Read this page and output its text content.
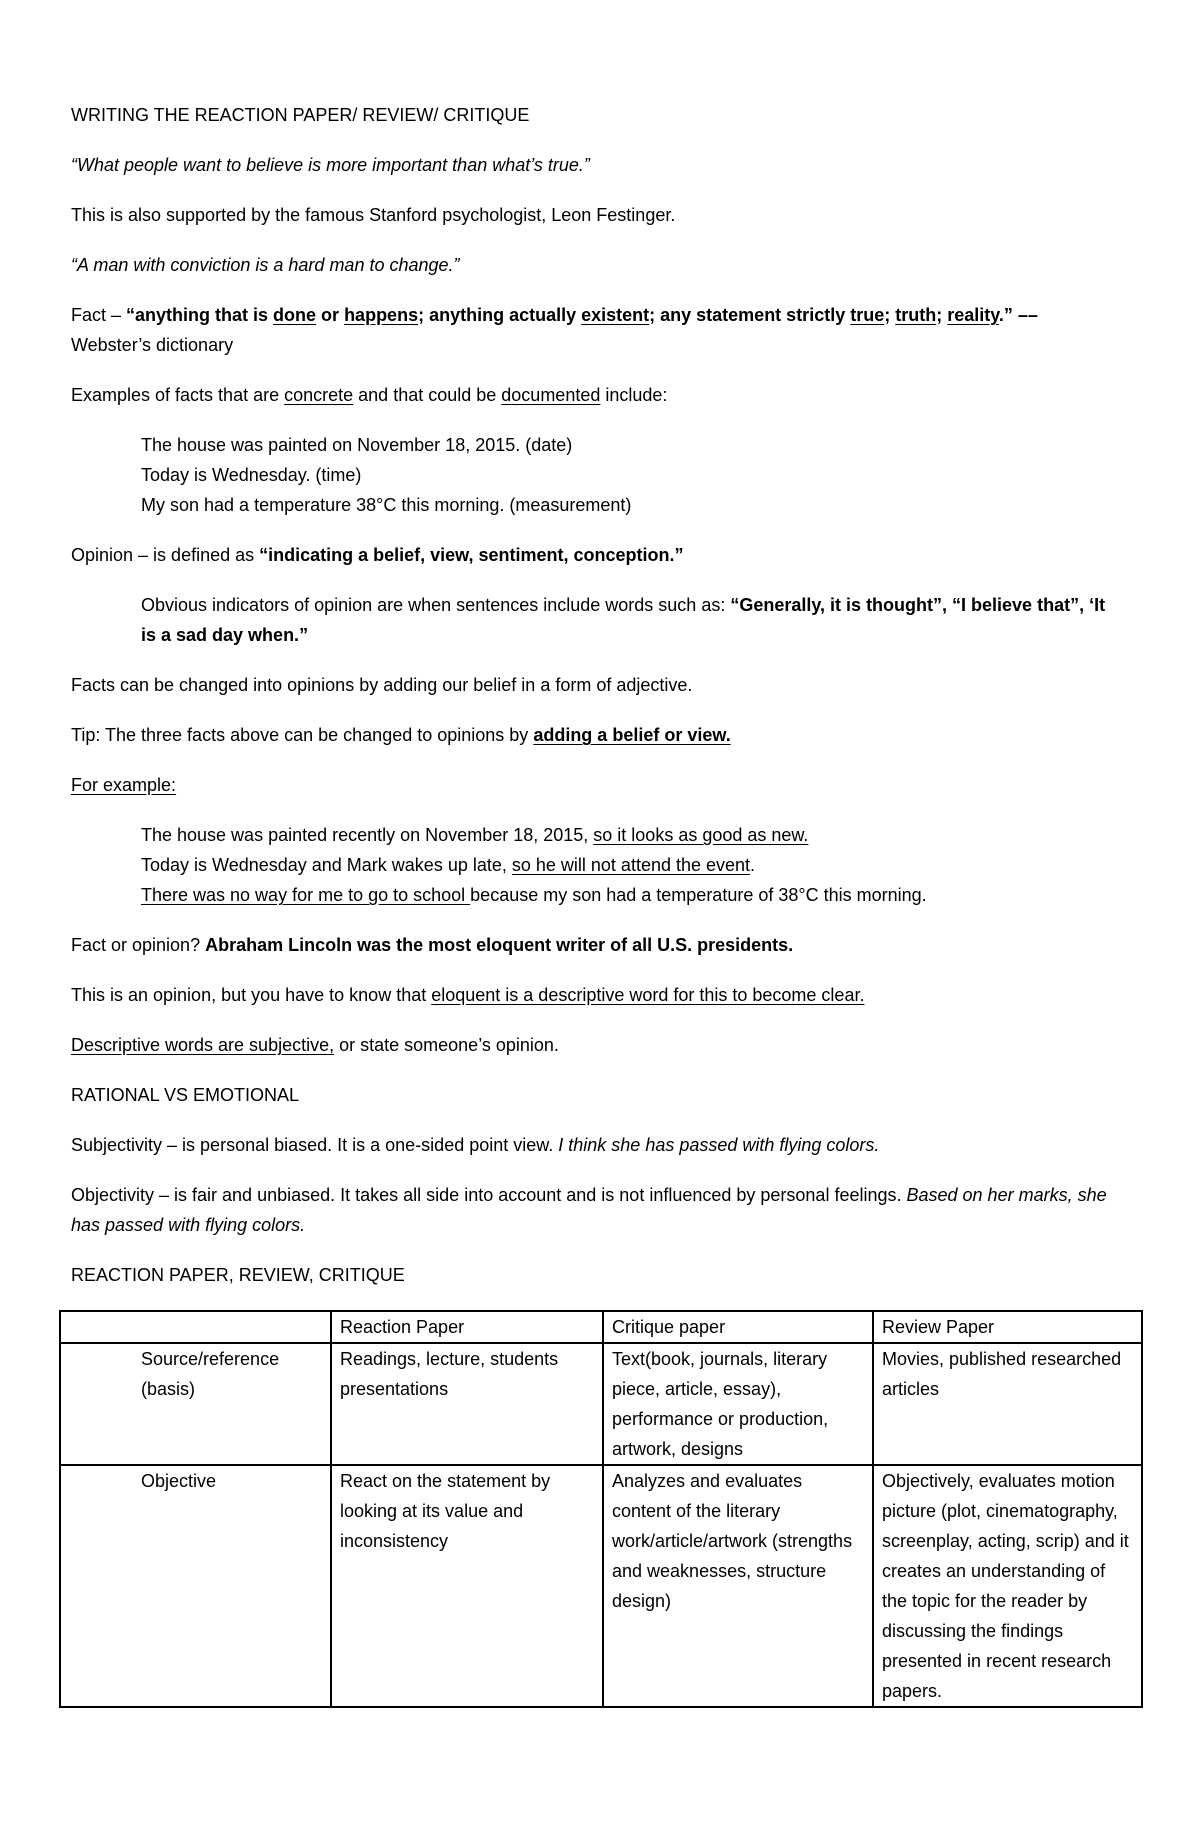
WRITING THE REACTION PAPER/ REVIEW/ CRITIQUE

“What people want to believe is more important than what’s true.”

This is also supported by the famous Stanford psychologist, Leon Festinger.

“A man with conviction is a hard man to change.”

Fact – “anything that is done or happens; anything actually existent; any statement strictly true; truth; reality.” ––
Webster’s dictionary

Examples of facts that are concrete and that could be documented include:

The house was painted on November 18, 2015. (date)

Today is Wednesday. (time)

My son had a temperature 38°C this morning. (measurement)

Opinion – is defined as “indicating a belief, view, sentiment, conception.”

Obvious indicators of opinion are when sentences include words such as: “Generally, it is thought”, “I believe that”, ‘It is a sad day when.”

Facts can be changed into opinions by adding our belief in a form of adjective.

Tip: The three facts above can be changed to opinions by adding a belief or view.

For example:

The house was painted recently on November 18, 2015, so it looks as good as new.

Today is Wednesday and Mark wakes up late, so he will not attend the event.

There was no way for me to go to school because my son had a temperature of 38°C this morning.

Fact or opinion? Abraham Lincoln was the most eloquent writer of all U.S. presidents.

This is an opinion, but you have to know that eloquent is a descriptive word for this to become clear.

Descriptive words are subjective, or state someone’s opinion.

RATIONAL VS EMOTIONAL

Subjectivity – is personal biased. It is a one-sided point view. I think she has passed with flying colors.

Objectivity – is fair and unbiased. It takes all side into account and is not influenced by personal feelings. Based on her marks, she has passed with flying colors.

REACTION PAPER, REVIEW, CRITIQUE

	Reaction Paper	Critique paper	Review Paper
Source/reference (basis)	Readings, lecture, students presentations	Text(book, journals, literary piece, article, essay), performance or production, artwork, designs	Movies, published researched articles
Objective	React on the statement by looking at its value and inconsistency	Analyzes and evaluates content of the literary work/article/artwork (strengths and weaknesses, structure design)	Objectively, evaluates motion picture (plot, cinematography, screenplay, acting, scrip) and it creates an understanding of the topic for the reader by discussing the findings presented in recent research papers.
